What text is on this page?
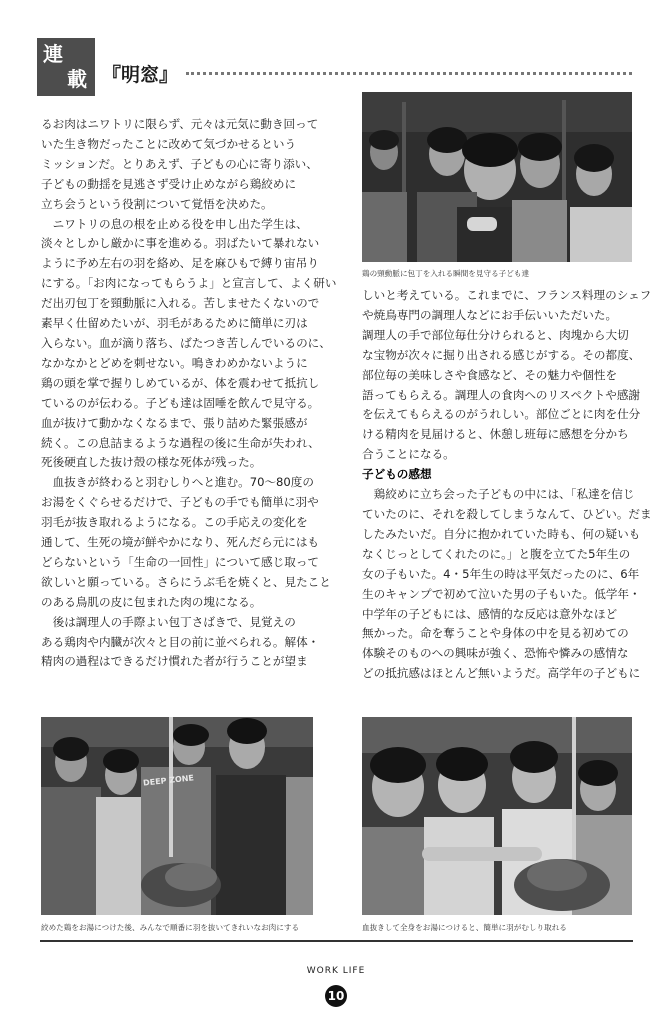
連
載 『明窓』
鶏の頸動脈に包丁を入れる瞬間を見守る子ども達

るお肉はニワトリに限らず、元々は元気に動き回って

いた生き物だったことに改めて気づかせるという

ミッションだ。とりあえず、子どもの心に寄り添い、

子どもの動揺を見逃さず受け止めながら鶏絞めに

立ち会うという役割について覚悟を決めた。

ニワトリの息の根を止める役を申し出た学生は、

淡々としかし厳かに事を進める。羽ばたいて暴れない

ように予め左右の羽を絡め、足を麻ひもで縛り宙吊り

にする。「お肉になってもらうよ」と宣言して、よく研い

だ出刃包丁を頸動脈に入れる。苦しませたくないので

素早く仕留めたいが、羽毛があるために簡単に刃は

入らない。血が滴り落ち、ばたつき苦しんでいるのに、

なかなかとどめを刺せない。鳴きわめかないように

鶏の頭を掌で握りしめているが、体を震わせて抵抗し

ているのが伝わる。子ども達は固唾を飲んで見守る。

血が抜けて動かなくなるまで、張り詰めた緊張感が

続く。この息詰まるような過程の後に生命が失われ、

死後硬直した抜け殻の様な死体が残った。

血抜きが終わると羽むしりへと進む。70〜80度の

お湯をくぐらせるだけで、子どもの手でも簡単に羽や

羽毛が抜き取れるようになる。この手応えの変化を

通して、生死の境が鮮やかになり、死んだら元にはも

どらないという「生命の一回性」について感じ取って

欲しいと願っている。さらにうぶ毛を焼くと、見たこと

のある鳥肌の皮に包まれた肉の塊になる。

後は調理人の手際よい包丁さばきで、見覚えの

ある鶏肉や内臓が次々と目の前に並べられる。解体・

精肉の過程はできるだけ慣れた者が行うことが望ま

しいと考えている。これまでに、フランス料理のシェフ

や焼鳥専門の調理人などにお手伝いいただいた。

調理人の手で部位毎仕分けられると、肉塊から大切

な宝物が次々に掘り出される感じがする。その都度、

部位毎の美味しさや食感など、その魅力や個性を

語ってもらえる。調理人の食肉へのリスペクトや感謝

を伝えてもらえるのがうれしい。部位ごとに肉を仕分

ける精肉を見届けると、休憩し班毎に感想を分かち

合うことになる。

子どもの感想

鶏絞めに立ち会った子どもの中には、「私達を信じ

ていたのに、それを殺してしまうなんて、ひどい。だま

したみたいだ。自分に抱かれていた時も、何の疑いも

なくじっとしてくれたのに。」と腹を立てた5年生の

女の子もいた。4・5年生の時は平気だったのに、6年

生のキャンプで初めて泣いた男の子もいた。低学年・

中学年の子どもには、感情的な反応は意外なほど

無かった。命を奪うことや身体の中を見る初めての

体験そのものへの興味が強く、恐怖や憐みの感情な

どの抵抗感はほとんど無いようだ。高学年の子どもに

DEEP ZONE
絞めた鶏をお湯につけた後、みんなで順番に羽を抜いてきれいなお肉にする	血抜きして全身をお湯につけると、簡単に羽がむしり取れる
WORK LIFE
10
